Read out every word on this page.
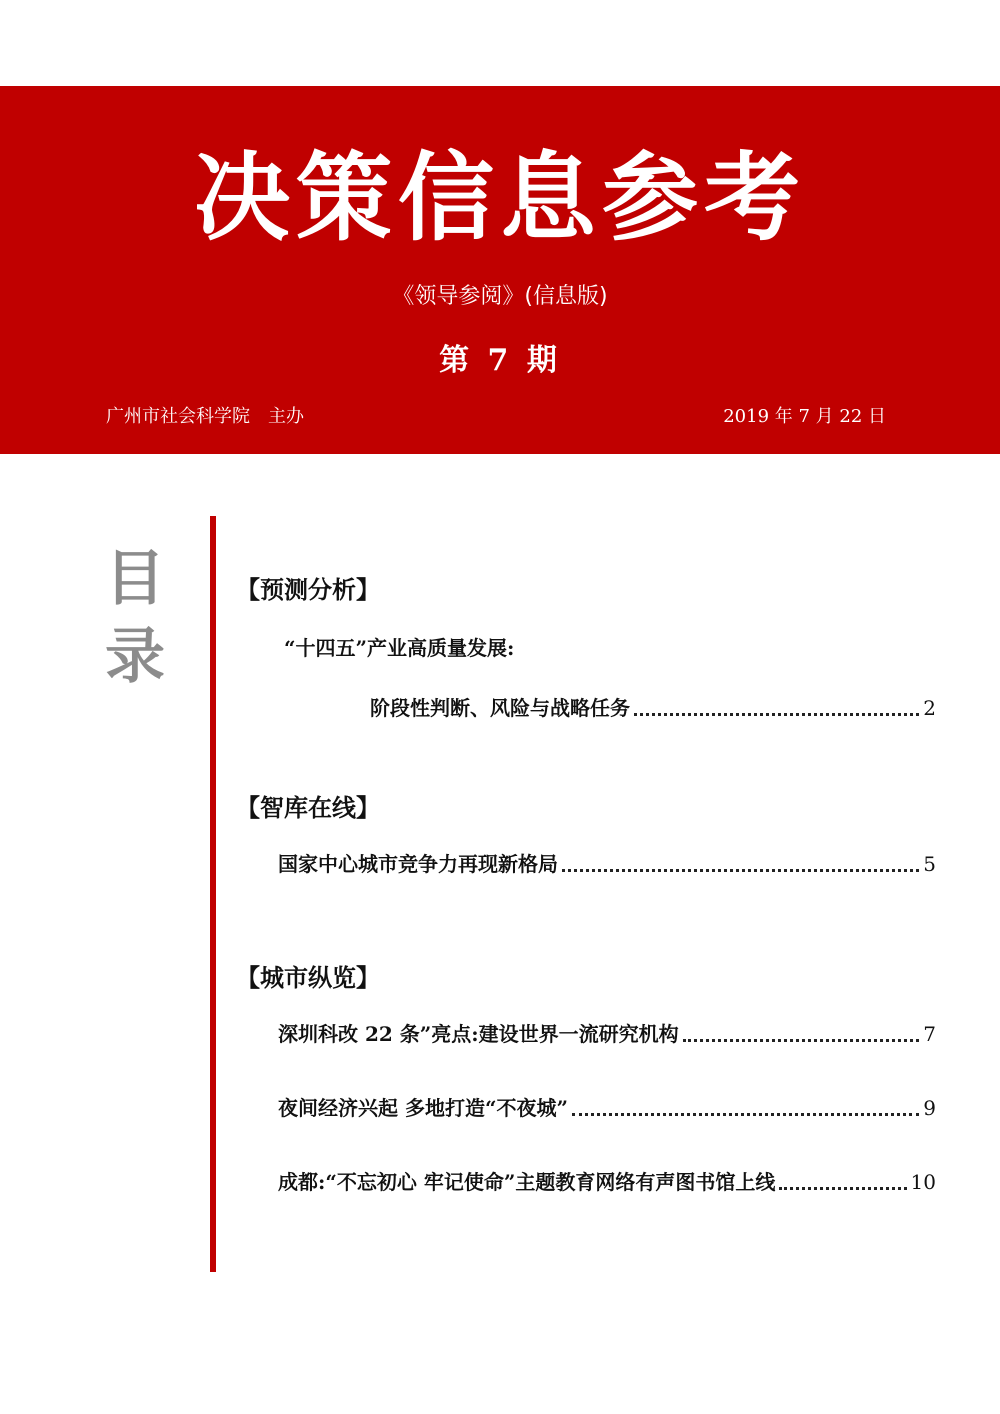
决策信息参考
《领导参阅》(信息版)
第 7 期
广州市社会科学院　主办	2019 年 7 月 22 日
目
录
【预测分析】
“十四五”产业高质量发展:
阶段性判断、风险与战略任务	2
【智库在线】
国家中心城市竞争力再现新格局	5
【城市纵览】
深圳科改 22 条”亮点:建设世界一流研究机构	7
夜间经济兴起 多地打造“不夜城”	9
成都:“不忘初心 牢记使命”主题教育网络有声图书馆上线	10
